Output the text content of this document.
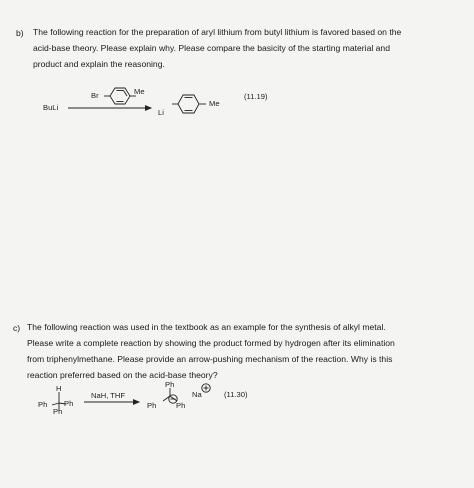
b) The following reaction for the preparation of aryl lithium from butyl lithium is favored based on the
acid-base theory. Please explain why. Please compare the basicity of the starting material and
product and explain the reasoning.
c) The following reaction was used in the textbook as an example for the synthesis of alkyl metal.
Please write a complete reaction by showing the product formed by hydrogen after its elimination
from triphenylmethane. Please provide an arrow-pushing mechanism of the reaction. Why is this
reaction preferred based on the acid-base theory?
Br	Me
BuLi
Li
Me
(11.19)
H
Ph Ph
Ph
NaH, THF
Ph
Ph	Ph
Na	(11.30)
